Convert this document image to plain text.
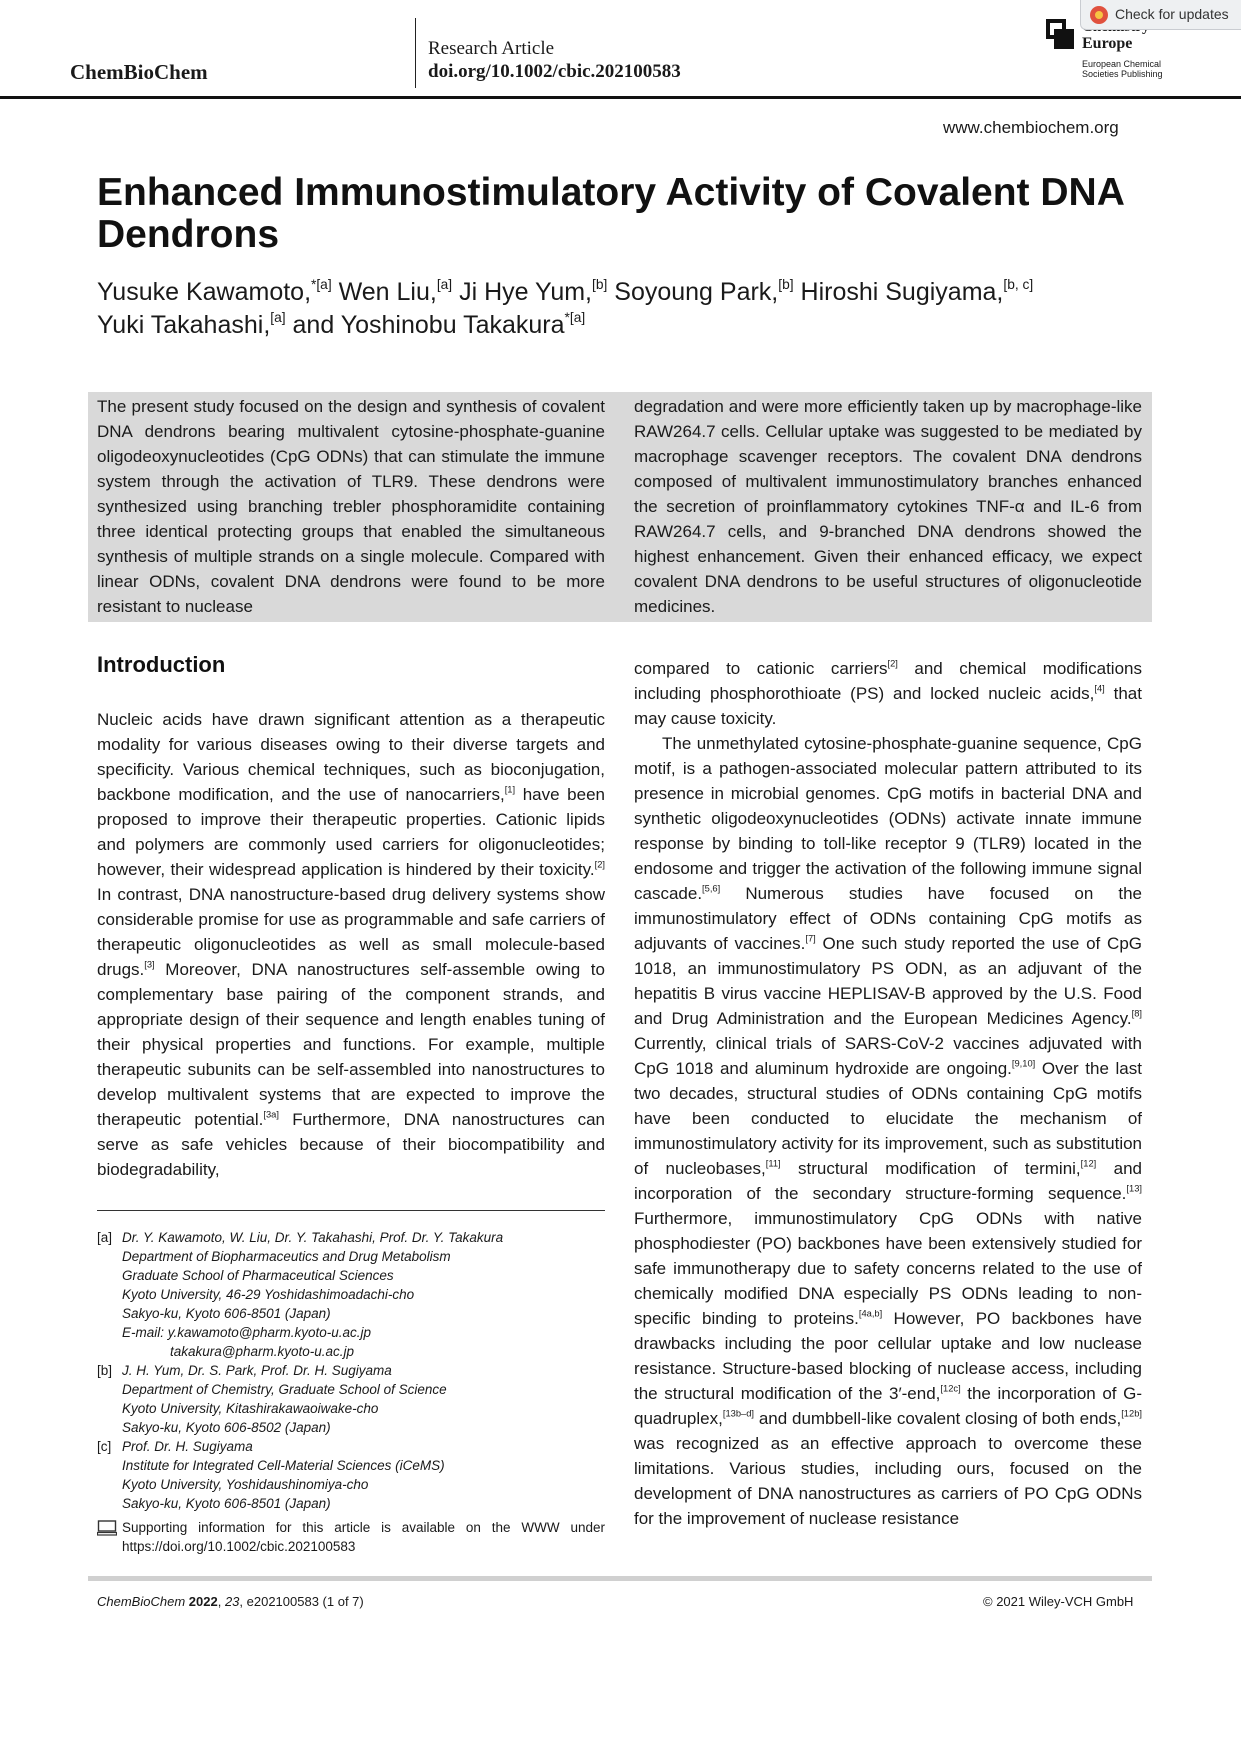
ChemBioChem
Research Article
doi.org/10.1002/cbic.202100583
Europe
European Chemical
Societies Publishing
Check for updates
www.chembiochem.org
Enhanced Immunostimulatory Activity of Covalent DNA Dendrons
Yusuke Kawamoto,$^{*[a]}$ Wen Liu,[a] Ji Hye Yum,[b] Soyoung Park,[b] Hiroshi Sugiyama,[b, c]
Yuki Takahashi,[a] and Yoshinobu Takakura$^{*[a]}$
The present study focused on the design and synthesis of covalent DNA dendrons bearing multivalent cytosine-phosphate-guanine oligodeoxynucleotides (CpG ODNs) that can stimulate the immune system through the activation of TLR9. These dendrons were synthesized using branching trebler phosphoramidite containing three identical protecting groups that enabled the simultaneous synthesis of multiple strands on a single molecule. Compared with linear ODNs, covalent DNA dendrons were found to be more resistant to nuclease
degradation and were more efficiently taken up by macrophage-like RAW264.7 cells. Cellular uptake was suggested to be mediated by macrophage scavenger receptors. The covalent DNA dendrons composed of multivalent immunostimulatory branches enhanced the secretion of proinflammatory cytokines TNF-α and IL-6 from RAW264.7 cells, and 9-branched DNA dendrons showed the highest enhancement. Given their enhanced efficacy, we expect covalent DNA dendrons to be useful structures of oligonucleotide medicines.
Introduction

Nucleic acids have drawn significant attention as a therapeutic modality for various diseases owing to their diverse targets and specificity. Various chemical techniques, such as bioconjugation, backbone modification, and the use of nanocarriers,[1] have been proposed to improve their therapeutic properties. Cationic lipids and polymers are commonly used carriers for oligonucleotides; however, their widespread application is hindered by their toxicity.[2] In contrast, DNA nanostructure-based drug delivery systems show considerable promise for use as programmable and safe carriers of therapeutic oligonucleotides as well as small molecule-based drugs.[3] Moreover, DNA nanostructures self-assemble owing to complementary base pairing of the component strands, and appropriate design of their sequence and length enables tuning of their physical properties and functions. For example, multiple therapeutic subunits can be self-assembled into nanostructures to develop multivalent systems that are expected to improve the therapeutic potential.[3a] Furthermore, DNA nanostructures can serve as safe vehicles because of their biocompatibility and biodegradability,

compared to cationic carriers[2] and chemical modifications including phosphorothioate (PS) and locked nucleic acids,[4] that may cause toxicity.

The unmethylated cytosine-phosphate-guanine sequence, CpG motif, is a pathogen-associated molecular pattern attributed to its presence in microbial genomes. CpG motifs in bacterial DNA and synthetic oligodeoxynucleotides (ODNs) activate innate immune response by binding to toll-like receptor 9 (TLR9) located in the endosome and trigger the activation of the following immune signal cascade.[5,6] Numerous studies have focused on the immunostimulatory effect of ODNs containing CpG motifs as adjuvants of vaccines.[7] One such study reported the use of CpG 1018, an immunostimulatory PS ODN, as an adjuvant of the hepatitis B virus vaccine HEPLISAV-B approved by the U.S. Food and Drug Administration and the European Medicines Agency.[8] Currently, clinical trials of SARS-CoV-2 vaccines adjuvated with CpG 1018 and aluminum hydroxide are ongoing.[9,10] Over the last two decades, structural studies of ODNs containing CpG motifs have been conducted to elucidate the mechanism of immunostimulatory activity for its improvement, such as substitution of nucleobases,[11] structural modification of termini,[12] and incorporation of the secondary structure-forming sequence.[13] Furthermore, immunostimulatory CpG ODNs with native phosphodiester (PO) backbones have been extensively studied for safe immunotherapy due to safety concerns related to the use of chemically modified DNA especially PS ODNs leading to non-specific binding to proteins.[4a,b] However, PO backbones have drawbacks including the poor cellular uptake and low nuclease resistance. Structure-based blocking of nuclease access, including the structural modification of the 3′-end,[12c] the incorporation of G-quadruplex,[13b–d] and dumbbell-like covalent closing of both ends,[12b] was recognized as an effective approach to overcome these limitations. Various studies, including ours, focused on the development of DNA nanostructures as carriers of PO CpG ODNs for the improvement of nuclease resistance

[a] Dr. Y. Kawamoto, W. Liu, Dr. Y. Takahashi, Prof. Dr. Y. Takakura
Department of Biopharmaceutics and Drug Metabolism
Graduate School of Pharmaceutical Sciences
Kyoto University, 46-29 Yoshidashimoadachi-cho
Sakyo-ku, Kyoto 606-8501 (Japan)
E-mail: y.kawamoto@pharm.kyoto-u.ac.jp
takakura@pharm.kyoto-u.ac.jp
[b] J. H. Yum, Dr. S. Park, Prof. Dr. H. Sugiyama
Department of Chemistry, Graduate School of Science
Kyoto University, Kitashirakawaoiwake-cho
Sakyo-ku, Kyoto 606-8502 (Japan)
[c] Prof. Dr. H. Sugiyama
Institute for Integrated Cell-Material Sciences (iCeMS)
Kyoto University, Yoshidaushinomiya-cho
Sakyo-ku, Kyoto 606-8501 (Japan)
Supporting information for this article is available on the WWW under https://doi.org/10.1002/cbic.202100583
ChemBioChem 2022, 23, e202100583 (1 of 7)	© 2021 Wiley-VCH GmbH
